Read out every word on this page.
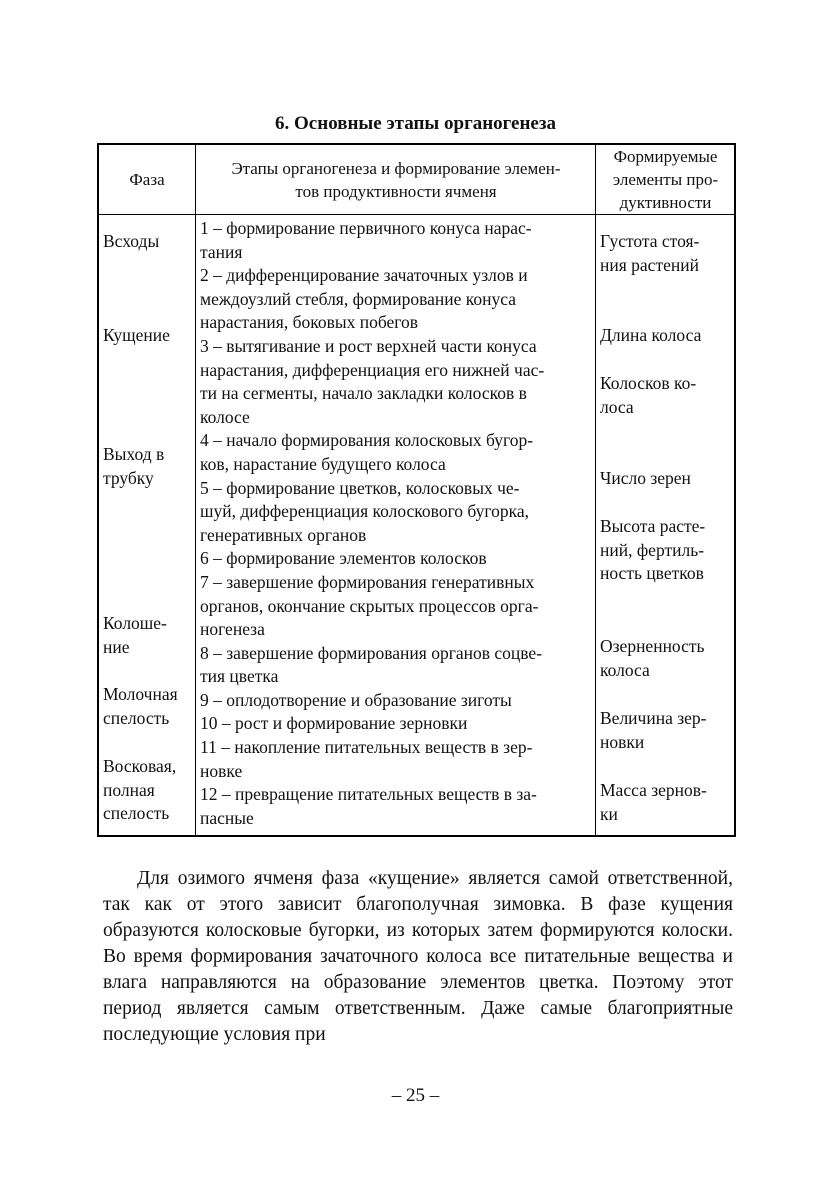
6. Основные этапы органогенеза
Фаза
Этапы органогенеза и формирование элемен-
тов продуктивности ячменя
Формируемые
элементы про-
дуктивности
Всходы
Кущение
Выход в
трубку
Колоше-
ние
Молочная
спелость
Восковая,
полная
спелость
1 – формирование первичного конуса нарас-
тания
2 – дифференцирование зачаточных узлов и
междоузлий стебля, формирование конуса
нарастания, боковых побегов
3 – вытягивание и рост верхней части конуса
нарастания, дифференциация его нижней час-
ти на сегменты, начало закладки колосков в
колосе
4 – начало формирования колосковых бугор-
ков, нарастание будущего колоса
5 – формирование цветков, колосковых че-
шуй, дифференциация колоскового бугорка,
генеративных органов
6 – формирование элементов колосков
7 – завершение формирования генеративных
органов, окончание скрытых процессов орга-
ногенеза
8 – завершение формирования органов соцве-
тия цветка
9 – оплодотворение и образование зиготы
10 – рост и формирование зерновки
11 – накопление питательных веществ в зер-
новке
12 – превращение питательных веществ в за-
пасные
Густота стоя-
ния растений
Длина колоса
Колосков ко-
лоса
Число зерен
Высота расте-
ний, фертиль-
ность цветков
Озерненность
колоса
Величина зер-
новки
Масса зернов-
ки
Для озимого ячменя фаза «кущение» является самой ответственной, так как от этого зависит благополучная зимовка. В фазе кущения образуются колосковые бугорки, из которых затем формируются колоски. Во время формирования зачаточного колоса все питательные вещества и влага направляются на образование элементов цветка. Поэтому этот период является самым ответственным. Даже самые благоприятные последующие условия при
– 25 –
